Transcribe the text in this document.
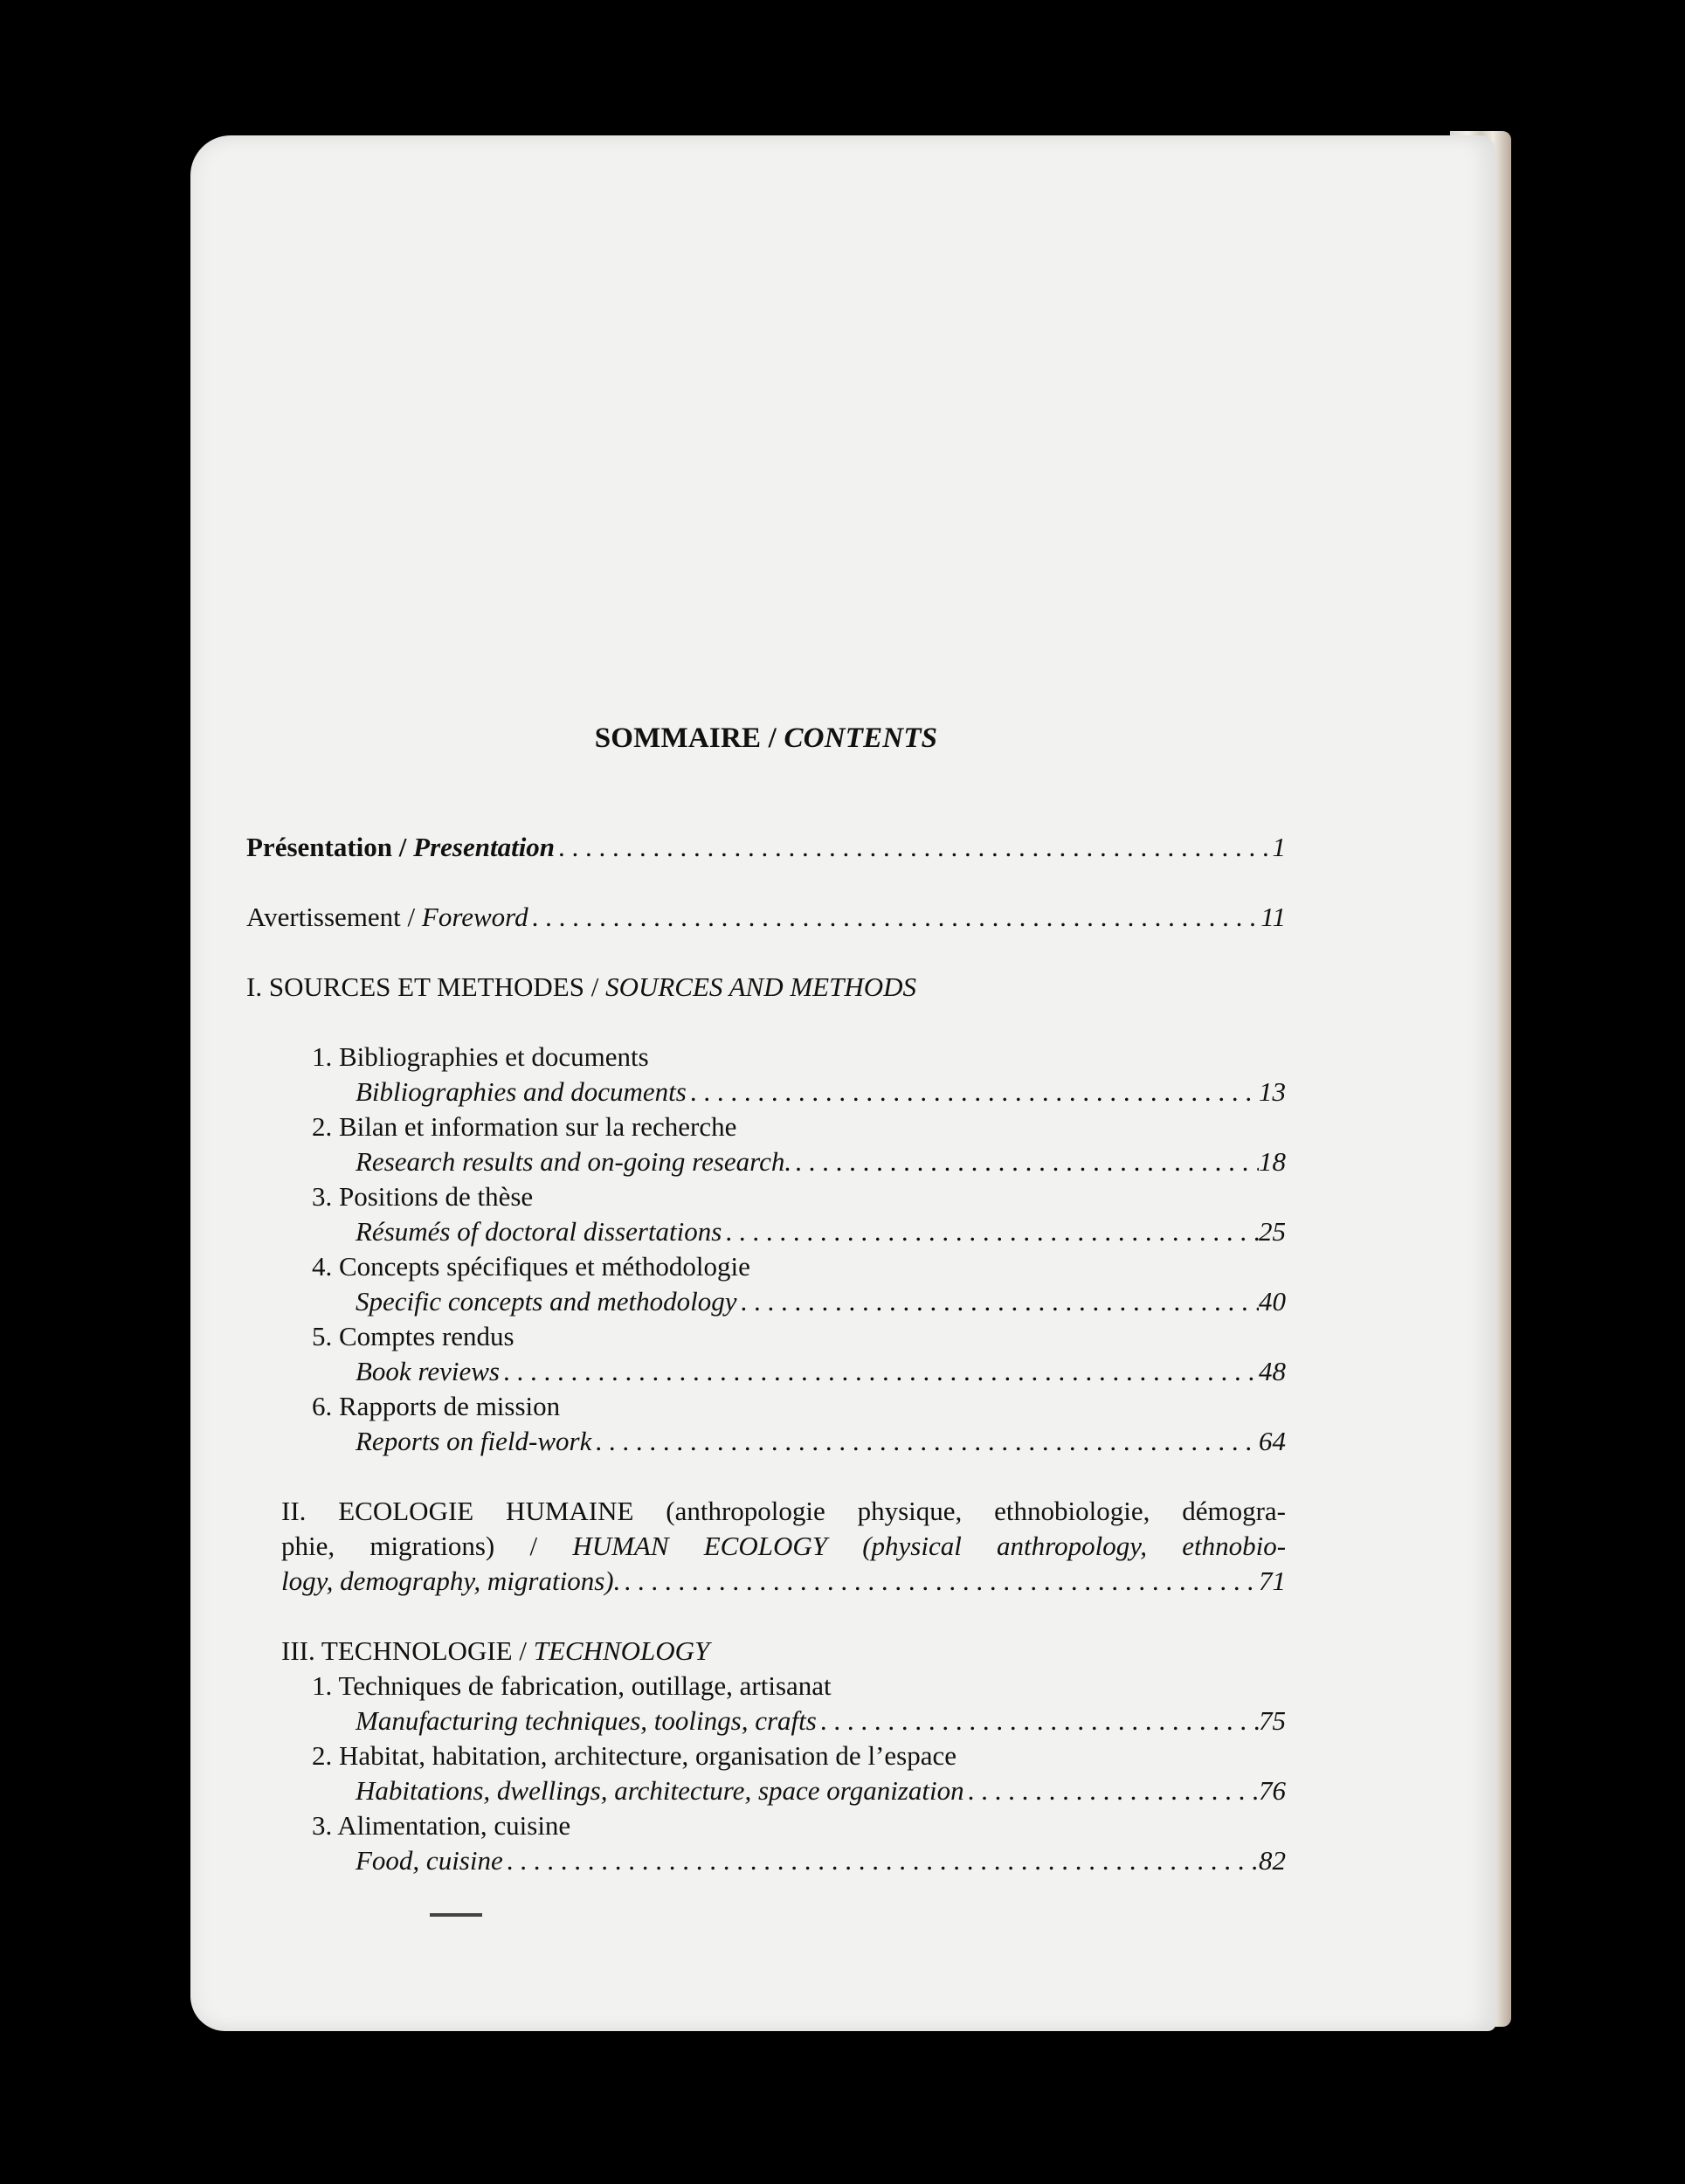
SOMMAIRE / CONTENTS
Présentation / Presentation . . .	1
Avertissement / Foreword . . .	11
I. SOURCES ET METHODES / SOURCES AND METHODS
1. Bibliographies et documents
Bibliographies and documents . . .	13
2. Bilan et information sur la recherche
Research results and on-going research. . . .	18
3. Positions de thèse
Résumés of doctoral dissertations . . .	25
4. Concepts spécifiques et méthodologie
Specific concepts and methodology . . .	40
5. Comptes rendus
Book reviews . . .	48
6. Rapports de mission
Reports on field-work . . .	64
II. ECOLOGIE HUMAINE (anthropologie physique, ethnobiologie, démogra-
phie, migrations) / HUMAN ECOLOGY (physical anthropology, ethnobio-
logy, demography, migrations). . . .	71
III. TECHNOLOGIE / TECHNOLOGY
1. Techniques de fabrication, outillage, artisanat
Manufacturing techniques, toolings, crafts . . .	75
2. Habitat, habitation, architecture, organisation de l’espace
Habitations, dwellings, architecture, space organization . . .	76
3. Alimentation, cuisine
Food, cuisine . . .	82
